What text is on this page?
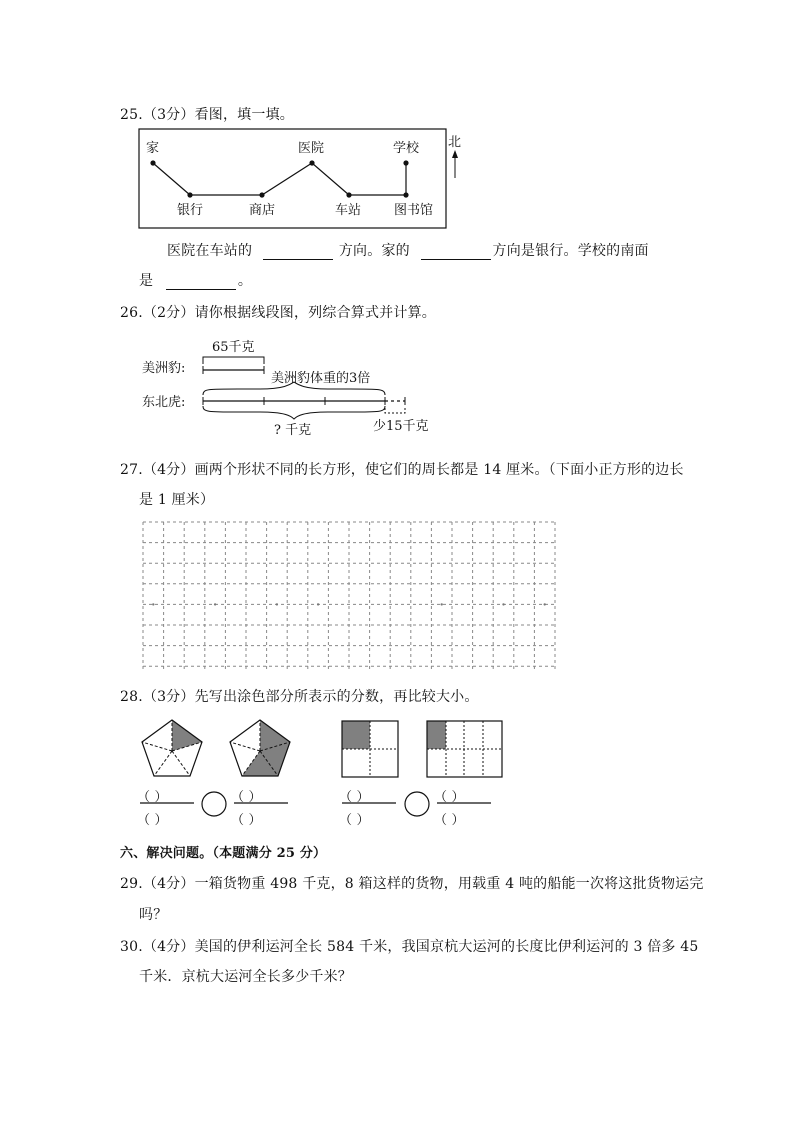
25.（3分）看图，填一填。
家	医院	学校 北
银行	商店	车站	图书馆
医院在车站的	方向。家的	方向是银行。学校的南面
是	。
26.（2分）请你根据线段图，列综合算式并计算。
65千克
美洲豹:
美洲豹体重的3倍
东北虎:
? 千克	少15千克
27.（4分）画两个形状不同的长方形，使它们的周长都是 14 厘米。（下面小正方形的边长
是 1 厘米）
28.（3分）先写出涂色部分所表示的分数，再比较大小。
（ ）
（ ）
（ ）
（ ）
（ ）
（ ）
（ ）
（ ）
六、解决问题。（本题满分 25 分）
29.（4分）一箱货物重 498 千克，8 箱这样的货物，用载重 4 吨的船能一次将这批货物运完
吗？
30.（4分）美国的伊利运河全长 584 千米，我国京杭大运河的长度比伊利运河的 3 倍多 45
千米．京杭大运河全长多少千米？
